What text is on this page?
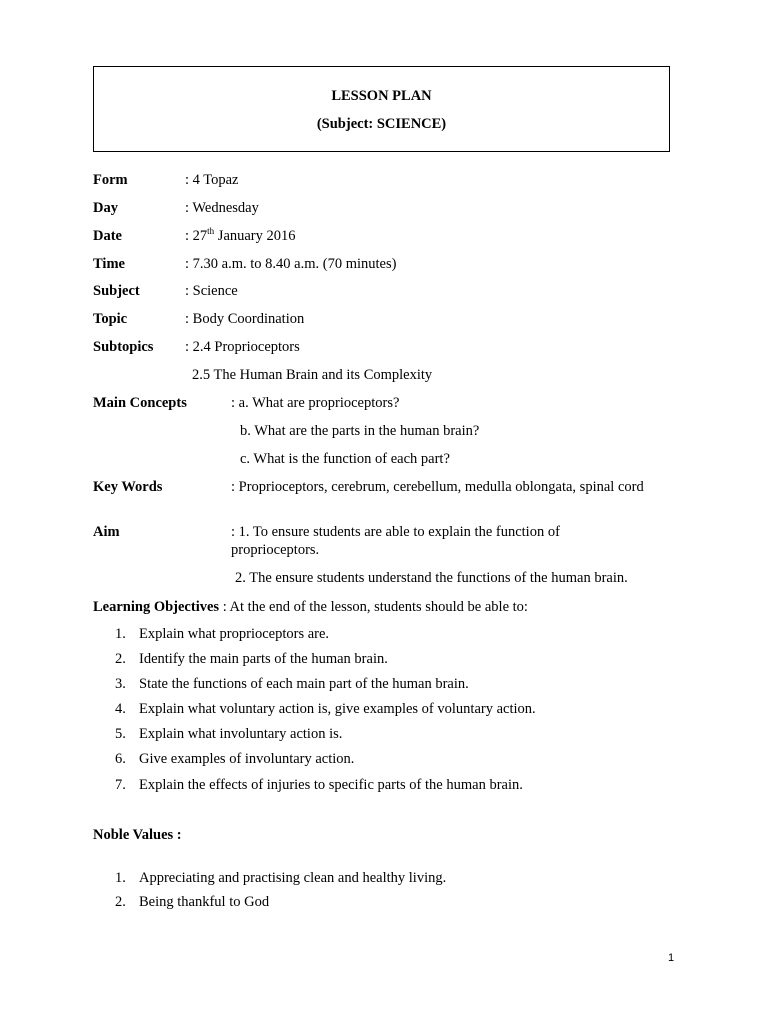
LESSON PLAN
(Subject: SCIENCE)
Form	: 4 Topaz
Day	: Wednesday
Date	: 27th January 2016
Time	: 7.30 a.m. to 8.40 a.m. (70 minutes)
Subject	: Science
Topic	: Body Coordination
Subtopics : 2.4 Proprioceptors
2.5 The Human Brain and its Complexity
Main Concepts	: a. What are proprioceptors?
b. What are the parts in the human brain?
c. What is the function of each part?
Key Words	: Proprioceptors, cerebrum, cerebellum, medulla oblongata, spinal cord
Aim	: 1. To ensure students are able to explain the function of proprioceptors.
2. The ensure students understand the functions of the human brain.
Learning Objectives : At the end of the lesson, students should be able to:
1. Explain what proprioceptors are.
2. Identify the main parts of the human brain.
3. State the functions of each main part of the human brain.
4. Explain what voluntary action is, give examples of voluntary action.
5. Explain what involuntary action is.
6. Give examples of involuntary action.
7. Explain the effects of injuries to specific parts of the human brain.
Noble Values :
1. Appreciating and practising clean and healthy living.
2. Being thankful to God
1
